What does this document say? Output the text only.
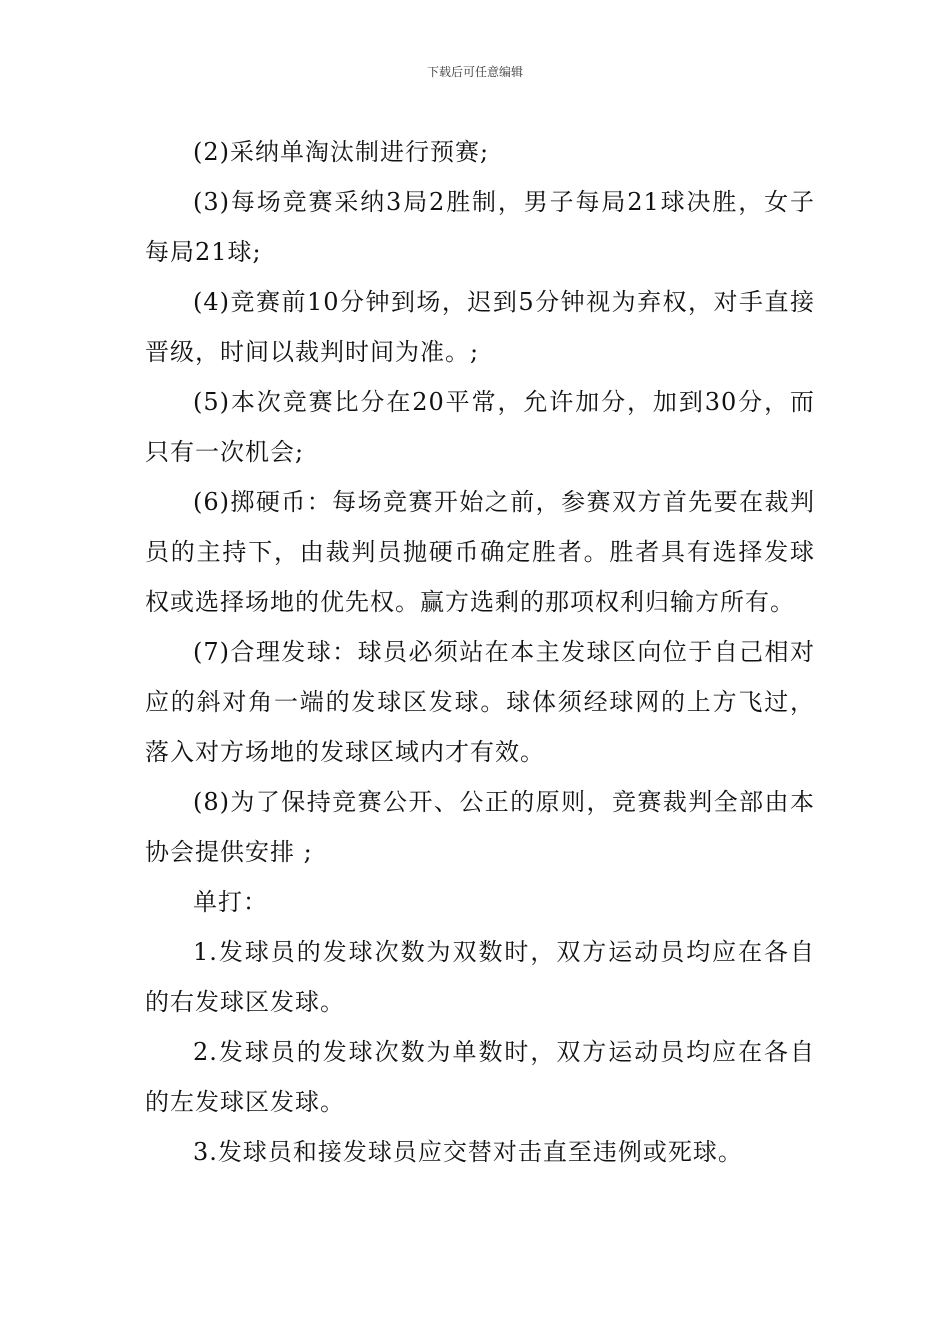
下载后可任意编辑

(2)采纳单淘汰制进行预赛;

(3)每场竞赛采纳3局2胜制，男子每局21球决胜，女子每局21球;

(4)竞赛前10分钟到场，迟到5分钟视为弃权，对手直接晋级，时间以裁判时间为准。;

(5)本次竞赛比分在20平常，允许加分，加到30分，而只有一次机会;

(6)掷硬币：每场竞赛开始之前，参赛双方首先要在裁判员的主持下，由裁判员抛硬币确定胜者。胜者具有选择发球权或选择场地的优先权。赢方选剩的那项权利归输方所有。

(7)合理发球：球员必须站在本主发球区向位于自己相对应的斜对角一端的发球区发球。球体须经球网的上方飞过，落入对方场地的发球区域内才有效。

(8)为了保持竞赛公开、公正的原则，竞赛裁判全部由本协会提供安排 ;

单打：

1.发球员的发球次数为双数时，双方运动员均应在各自的右发球区发球。

2.发球员的发球次数为单数时，双方运动员均应在各自的左发球区发球。

3.发球员和接发球员应交替对击直至违例或死球。
